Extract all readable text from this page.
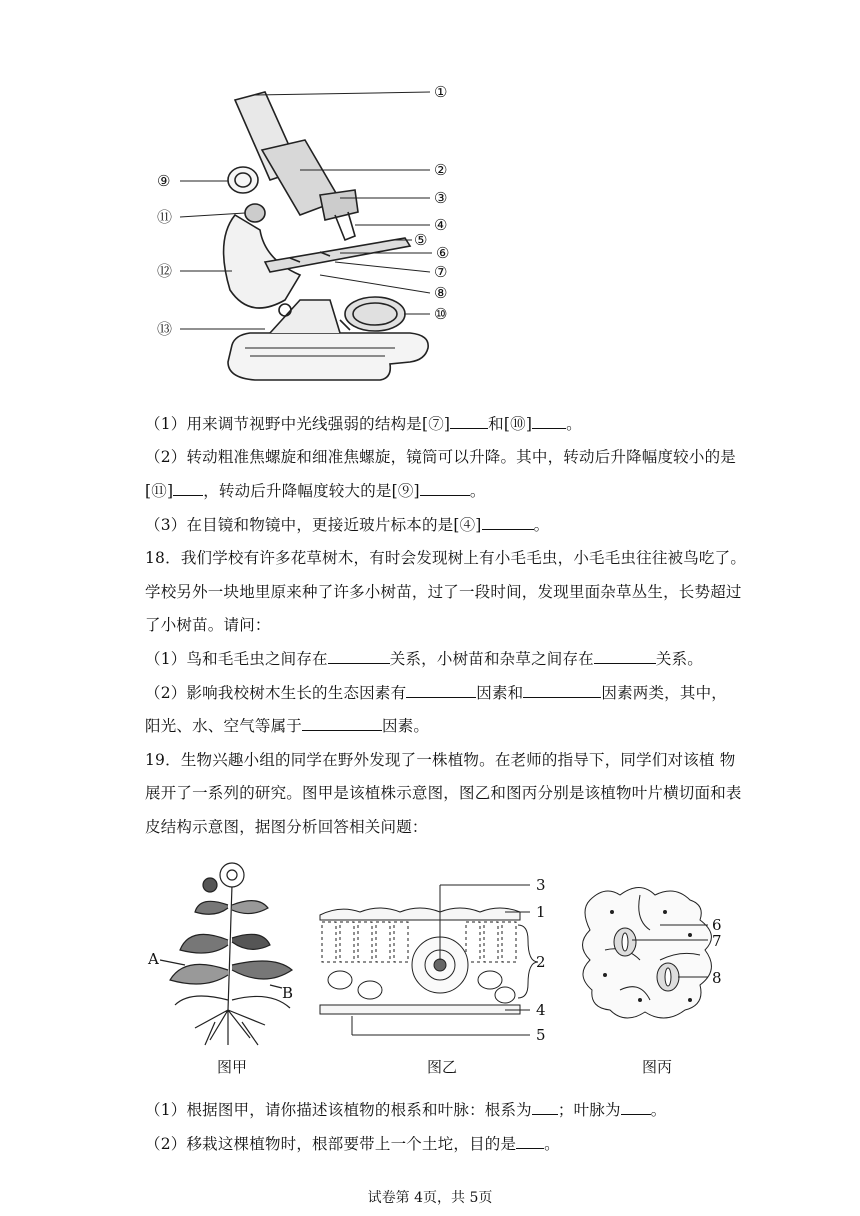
①
②
③
④
⑤
⑥
⑦
⑧
⑨
⑩
⑪
⑫
⑬
（1）用来调节视野中光线强弱的结构是[⑦] 和[⑩] 。
（2）转动粗准焦螺旋和细准焦螺旋，镜筒可以升降。其中，转动后升降幅度较小的是
[⑪] ，转动后升降幅度较大的是[⑨]	。
（3）在目镜和物镜中，更接近玻片标本的是[④]	。
18．我们学校有许多花草树木，有时会发现树上有小毛毛虫，小毛毛虫往往被鸟吃了。
学校另外一块地里原来种了许多小树苗，过了一段时间，发现里面杂草丛生，长势超过
了小树苗。请问：
（1）鸟和毛毛虫之间存在	关系，小树苗和杂草之间存在	关系。
（2）影响我校树木生长的生态因素有	因素和	因素两类，其中，
阳光、水、空气等属于	因素。
19．生物兴趣小组的同学在野外发现了一株植物。在老师的指导下，同学们对该植 物
展开了一系列的研究。图甲是该植株示意图，图乙和图丙分别是该植物叶片横切面和表
皮结构示意图，据图分析回答相关问题：
A
B
图甲
3
1
2
4
5
图乙
6
7
8
图丙
（1）根据图甲，请你描述该植物的根系和叶脉：根系为 ；叶脉为 。
（2）移栽这棵植物时，根部要带上一个土坨，目的是 。
试卷第 4页，共 5页
